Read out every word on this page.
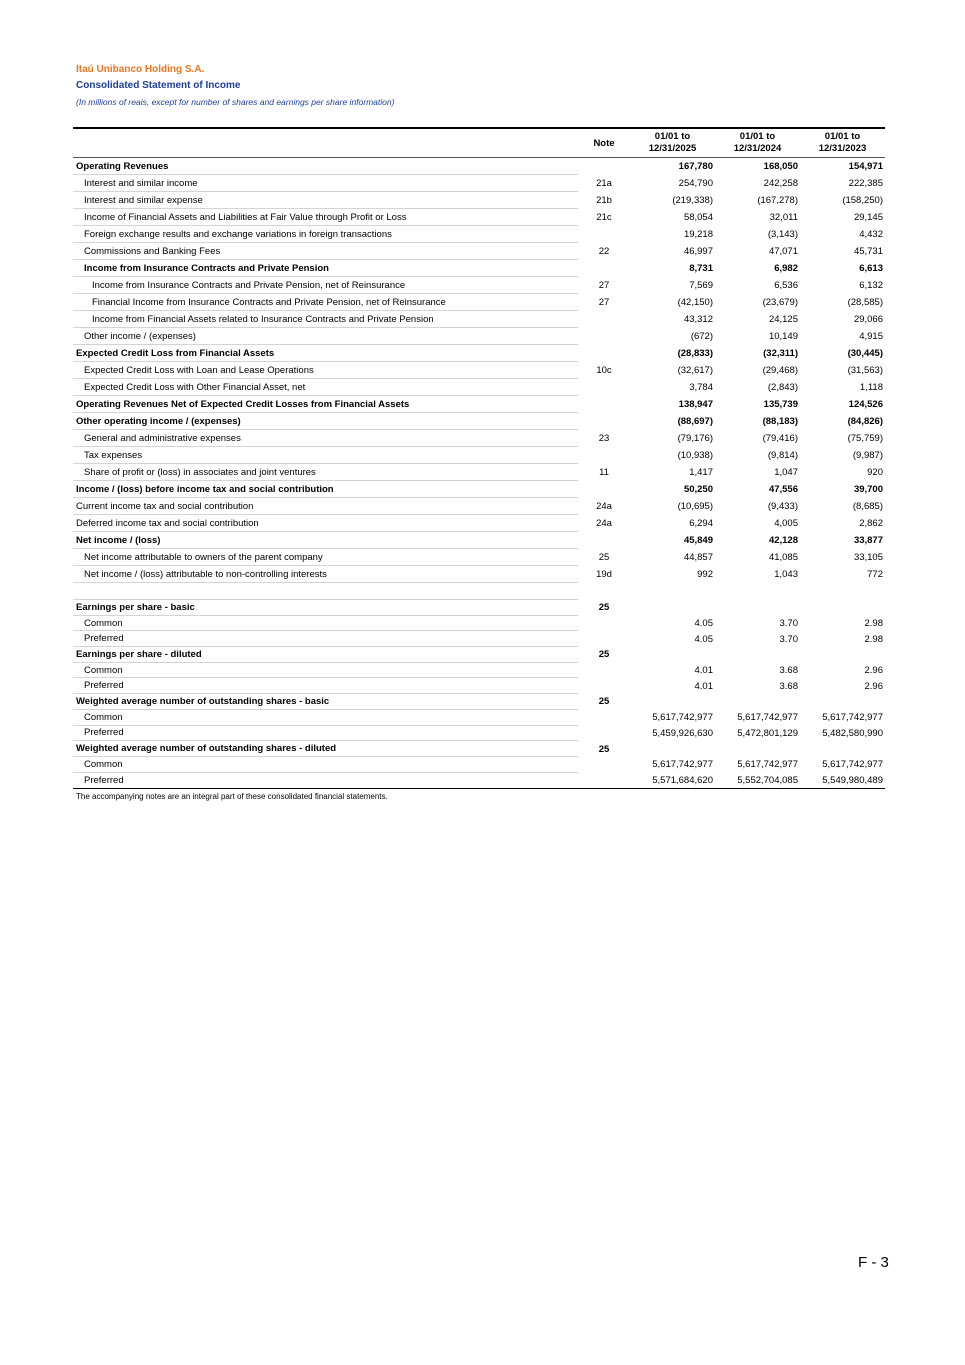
Itaú Unibanco Holding S.A.
Consolidated Statement of Income
(In millions of reais, except for number of shares and earnings per share information)
Note
01/01 to
12/31/2025
01/01 to
12/31/2024
01/01 to
12/31/2023
Operating Revenues	167,780	168,050	154,971
Interest and similar income	21a	254,790	242,258	222,385
Interest and similar expense	21b	(219,338)	(167,278)	(158,250)
Income of Financial Assets and Liabilities at Fair Value through Profit or Loss	21c	58,054	32,011	29,145
Foreign exchange results and exchange variations in foreign transactions	19,218	(3,143)	4,432
Commissions and Banking Fees	22	46,997	47,071	45,731
Income from Insurance Contracts and Private Pension	8,731	6,982	6,613
Income from Insurance Contracts and Private Pension, net of Reinsurance	27	7,569	6,536	6,132
Financial Income from Insurance Contracts and Private Pension, net of Reinsurance	27	(42,150)	(23,679)	(28,585)
Income from Financial Assets related to Insurance Contracts and Private Pension	43,312	24,125	29,066
Other income / (expenses)	(672)	10,149	4,915
Expected Credit Loss from Financial Assets	(28,833)	(32,311)	(30,445)
Expected Credit Loss with Loan and Lease Operations	10c	(32,617)	(29,468)	(31,563)
Expected Credit Loss with Other Financial Asset, net	3,784	(2,843)	1,118
Operating Revenues Net of Expected Credit Losses from Financial Assets	138,947	135,739	124,526
Other operating income / (expenses)	(88,697)	(88,183)	(84,826)
General and administrative expenses	23	(79,176)	(79,416)	(75,759)
Tax expenses	(10,938)	(9,814)	(9,987)
Share of profit or (loss) in associates and joint ventures	11	1,417	1,047	920
Income / (loss) before income tax and social contribution	50,250	47,556	39,700
Current income tax and social contribution	24a	(10,695)	(9,433)	(8,685)
Deferred income tax and social contribution	24a	6,294	4,005	2,862
Net income / (loss)	45,849	42,128	33,877
Net income attributable to owners of the parent company	25	44,857	41,085	33,105
Net income / (loss) attributable to non-controlling interests	19d	992	1,043	772
Earnings per share - basic	25
Common	4.05	3.70	2.98
Preferred	4.05	3.70	2.98
Earnings per share - diluted	25
Common	4.01	3.68	2.96
Preferred	4.01	3.68	2.96
Weighted average number of outstanding shares - basic	25
Common	5,617,742,977	5,617,742,977	5,617,742,977
Preferred	5,459,926,630	5,472,801,129	5,482,580,990
Weighted average number of outstanding shares - diluted	25
Common	5,617,742,977	5,617,742,977	5,617,742,977
Preferred	5,571,684,620	5,552,704,085	5,549,980,489
The accompanying notes are an integral part of these consolidated financial statements.
F - 3
